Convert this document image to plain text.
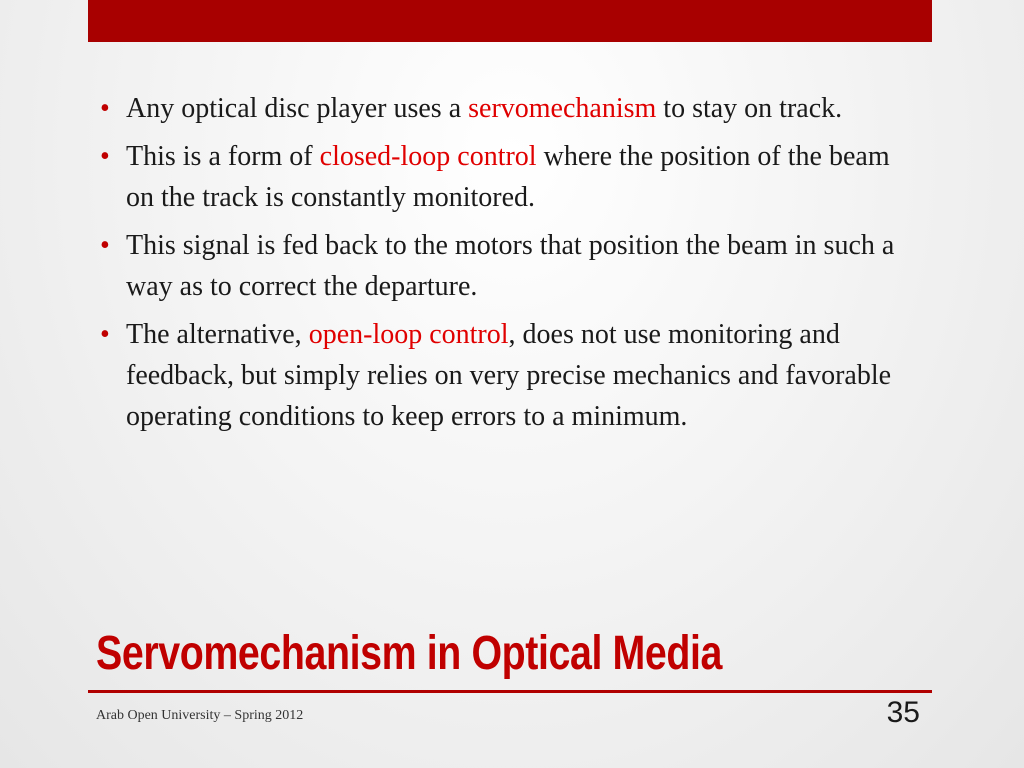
• Any optical disc player uses a servomechanism to stay on track.
• This is a form of closed-loop control where the position of the beam on the track is constantly monitored.
• This signal is fed back to the motors that position the beam in such a way as to correct the departure.
• The alternative, open-loop control, does not use monitoring and feedback, but simply relies on very precise mechanics and favorable operating conditions to keep errors to a minimum.
Servomechanism in Optical Media
Arab Open University – Spring 2012	35
